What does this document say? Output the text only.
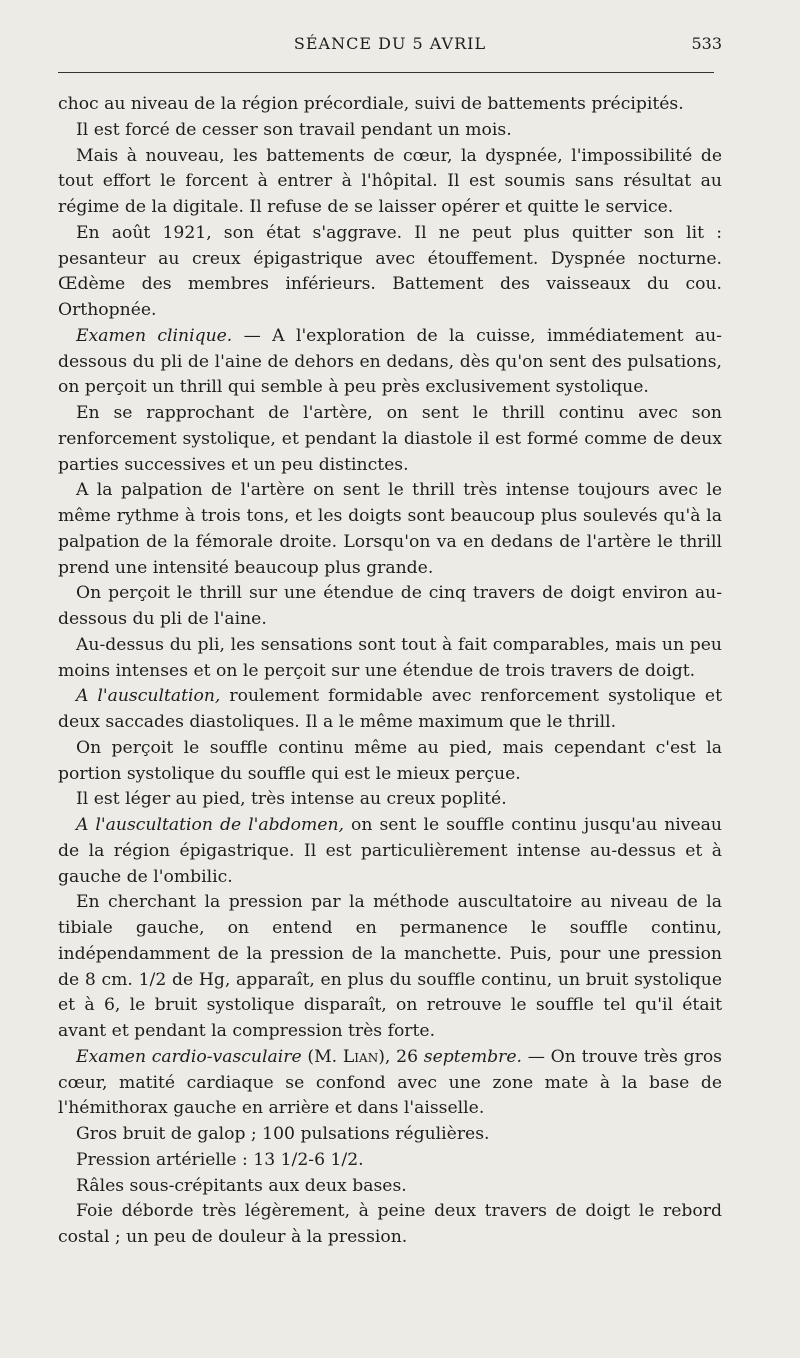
SÉANCE DU 5 AVRIL	533

choc au niveau de la région précordiale, suivi de battements précipités.

Il est forcé de cesser son travail pendant un mois.

Mais à nouveau, les battements de cœur, la dyspnée, l'impossibilité de tout effort le forcent à entrer à l'hôpital. Il est soumis sans résultat au régime de la digitale. Il refuse de se laisser opérer et quitte le service.

En août 1921, son état s'aggrave. Il ne peut plus quitter son lit : pesanteur au creux épigastrique avec étouffement. Dyspnée nocturne. Œdème des membres inférieurs. Battement des vaisseaux du cou. Orthopnée.

Examen clinique. — A l'exploration de la cuisse, immédiatement au-dessous du pli de l'aine de dehors en dedans, dès qu'on sent des pulsations, on perçoit un thrill qui semble à peu près exclusivement systolique.

En se rapprochant de l'artère, on sent le thrill continu avec son renforcement systolique, et pendant la diastole il est formé comme de deux parties successives et un peu distinctes.

A la palpation de l'artère on sent le thrill très intense toujours avec le même rythme à trois tons, et les doigts sont beaucoup plus soulevés qu'à la palpation de la fémorale droite. Lorsqu'on va en dedans de l'artère le thrill prend une intensité beaucoup plus grande.

On perçoit le thrill sur une étendue de cinq travers de doigt environ au-dessous du pli de l'aine.

Au-dessus du pli, les sensations sont tout à fait comparables, mais un peu moins intenses et on le perçoit sur une étendue de trois travers de doigt.

A l'auscultation, roulement formidable avec renforcement systolique et deux saccades diastoliques. Il a le même maximum que le thrill.

On perçoit le souffle continu même au pied, mais cependant c'est la portion systolique du souffle qui est le mieux perçue.

Il est léger au pied, très intense au creux poplité.

A l'auscultation de l'abdomen, on sent le souffle continu jusqu'au niveau de la région épigastrique. Il est particulièrement intense au-dessus et à gauche de l'ombilic.

En cherchant la pression par la méthode auscultatoire au niveau de la tibiale gauche, on entend en permanence le souffle continu, indépendamment de la pression de la manchette. Puis, pour une pression de 8 cm. 1/2 de Hg, apparaît, en plus du souffle continu, un bruit systolique et à 6, le bruit systolique disparaît, on retrouve le souffle tel qu'il était avant et pendant la compression très forte.

Examen cardio-vasculaire (M. Lian), 26 septembre. — On trouve très gros cœur, matité cardiaque se confond avec une zone mate à la base de l'hémithorax gauche en arrière et dans l'aisselle.

Gros bruit de galop ; 100 pulsations régulières.

Pression artérielle : 13 1/2-6 1/2.

Râles sous-crépitants aux deux bases.

Foie déborde très légèrement, à peine deux travers de doigt le rebord costal ; un peu de douleur à la pression.
